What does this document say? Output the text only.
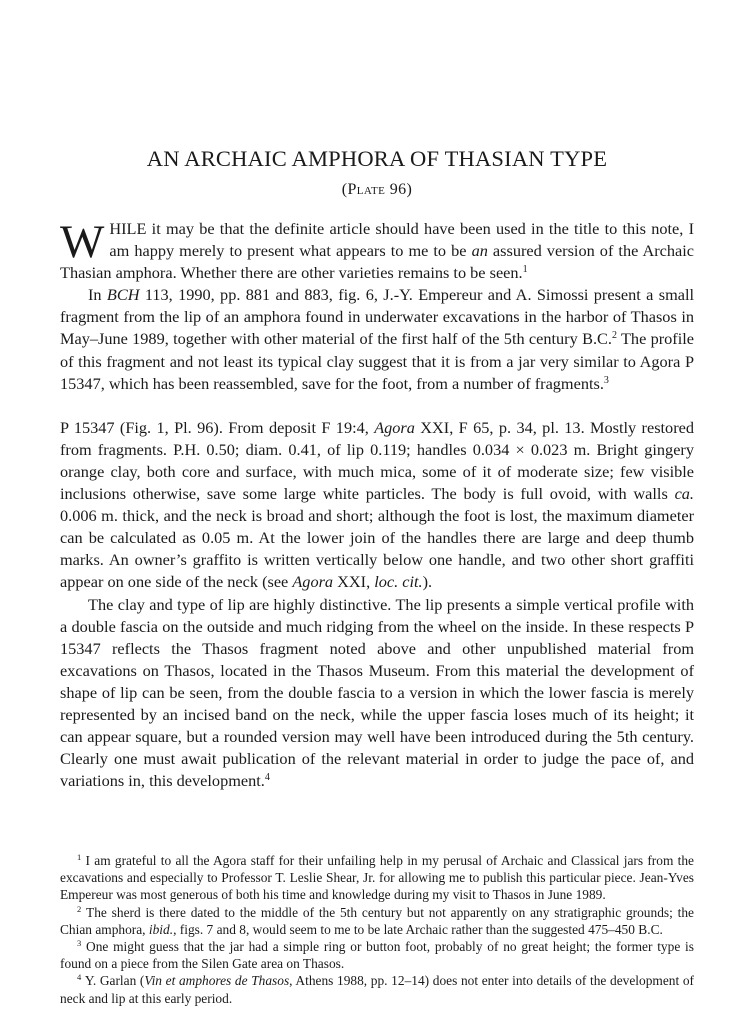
AN ARCHAIC AMPHORA OF THASIAN TYPE
(Plate 96)

WHILE it may be that the definite article should have been used in the title to this note, I am happy merely to present what appears to me to be an assured version of the Archaic Thasian amphora. Whether there are other varieties remains to be seen.$^1$

In BCH 113, 1990, pp. 881 and 883, fig. 6, J.-Y. Empereur and A. Simossi present a small fragment from the lip of an amphora found in underwater excavations in the harbor of Thasos in May–June 1989, together with other material of the first half of the 5th century B.C.$^2$ The profile of this fragment and not least its typical clay suggest that it is from a jar very similar to Agora P 15347, which has been reassembled, save for the foot, from a number of fragments.$^3$

P 15347 (Fig. 1, Pl. 96). From deposit F 19:4, Agora XXI, F 65, p. 34, pl. 13. Mostly restored from fragments. P.H. 0.50; diam. 0.41, of lip 0.119; handles 0.034 × 0.023 m. Bright gingery orange clay, both core and surface, with much mica, some of it of moderate size; few visible inclusions otherwise, save some large white particles. The body is full ovoid, with walls ca. 0.006 m. thick, and the neck is broad and short; although the foot is lost, the maximum diameter can be calculated as 0.05 m. At the lower join of the handles there are large and deep thumb marks. An owner’s graffito is written vertically below one handle, and two other short graffiti appear on one side of the neck (see Agora XXI, loc. cit.).

The clay and type of lip are highly distinctive. The lip presents a simple vertical profile with a double fascia on the outside and much ridging from the wheel on the inside. In these respects P 15347 reflects the Thasos fragment noted above and other unpublished material from excavations on Thasos, located in the Thasos Museum. From this material the development of shape of lip can be seen, from the double fascia to a version in which the lower fascia is merely represented by an incised band on the neck, while the upper fascia loses much of its height; it can appear square, but a rounded version may well have been introduced during the 5th century. Clearly one must await publication of the relevant material in order to judge the pace of, and variations in, this development.$^4$

$^1$ I am grateful to all the Agora staff for their unfailing help in my perusal of Archaic and Classical jars from the excavations and especially to Professor T. Leslie Shear, Jr. for allowing me to publish this particular piece. Jean-Yves Empereur was most generous of both his time and knowledge during my visit to Thasos in June 1989.

$^2$ The sherd is there dated to the middle of the 5th century but not apparently on any stratigraphic grounds; the Chian amphora, ibid., figs. 7 and 8, would seem to me to be late Archaic rather than the suggested 475–450 B.C.

$^3$ One might guess that the jar had a simple ring or button foot, probably of no great height; the former type is found on a piece from the Silen Gate area on Thasos.

$^4$ Y. Garlan (Vin et amphores de Thasos, Athens 1988, pp. 12–14) does not enter into details of the development of neck and lip at this early period.
